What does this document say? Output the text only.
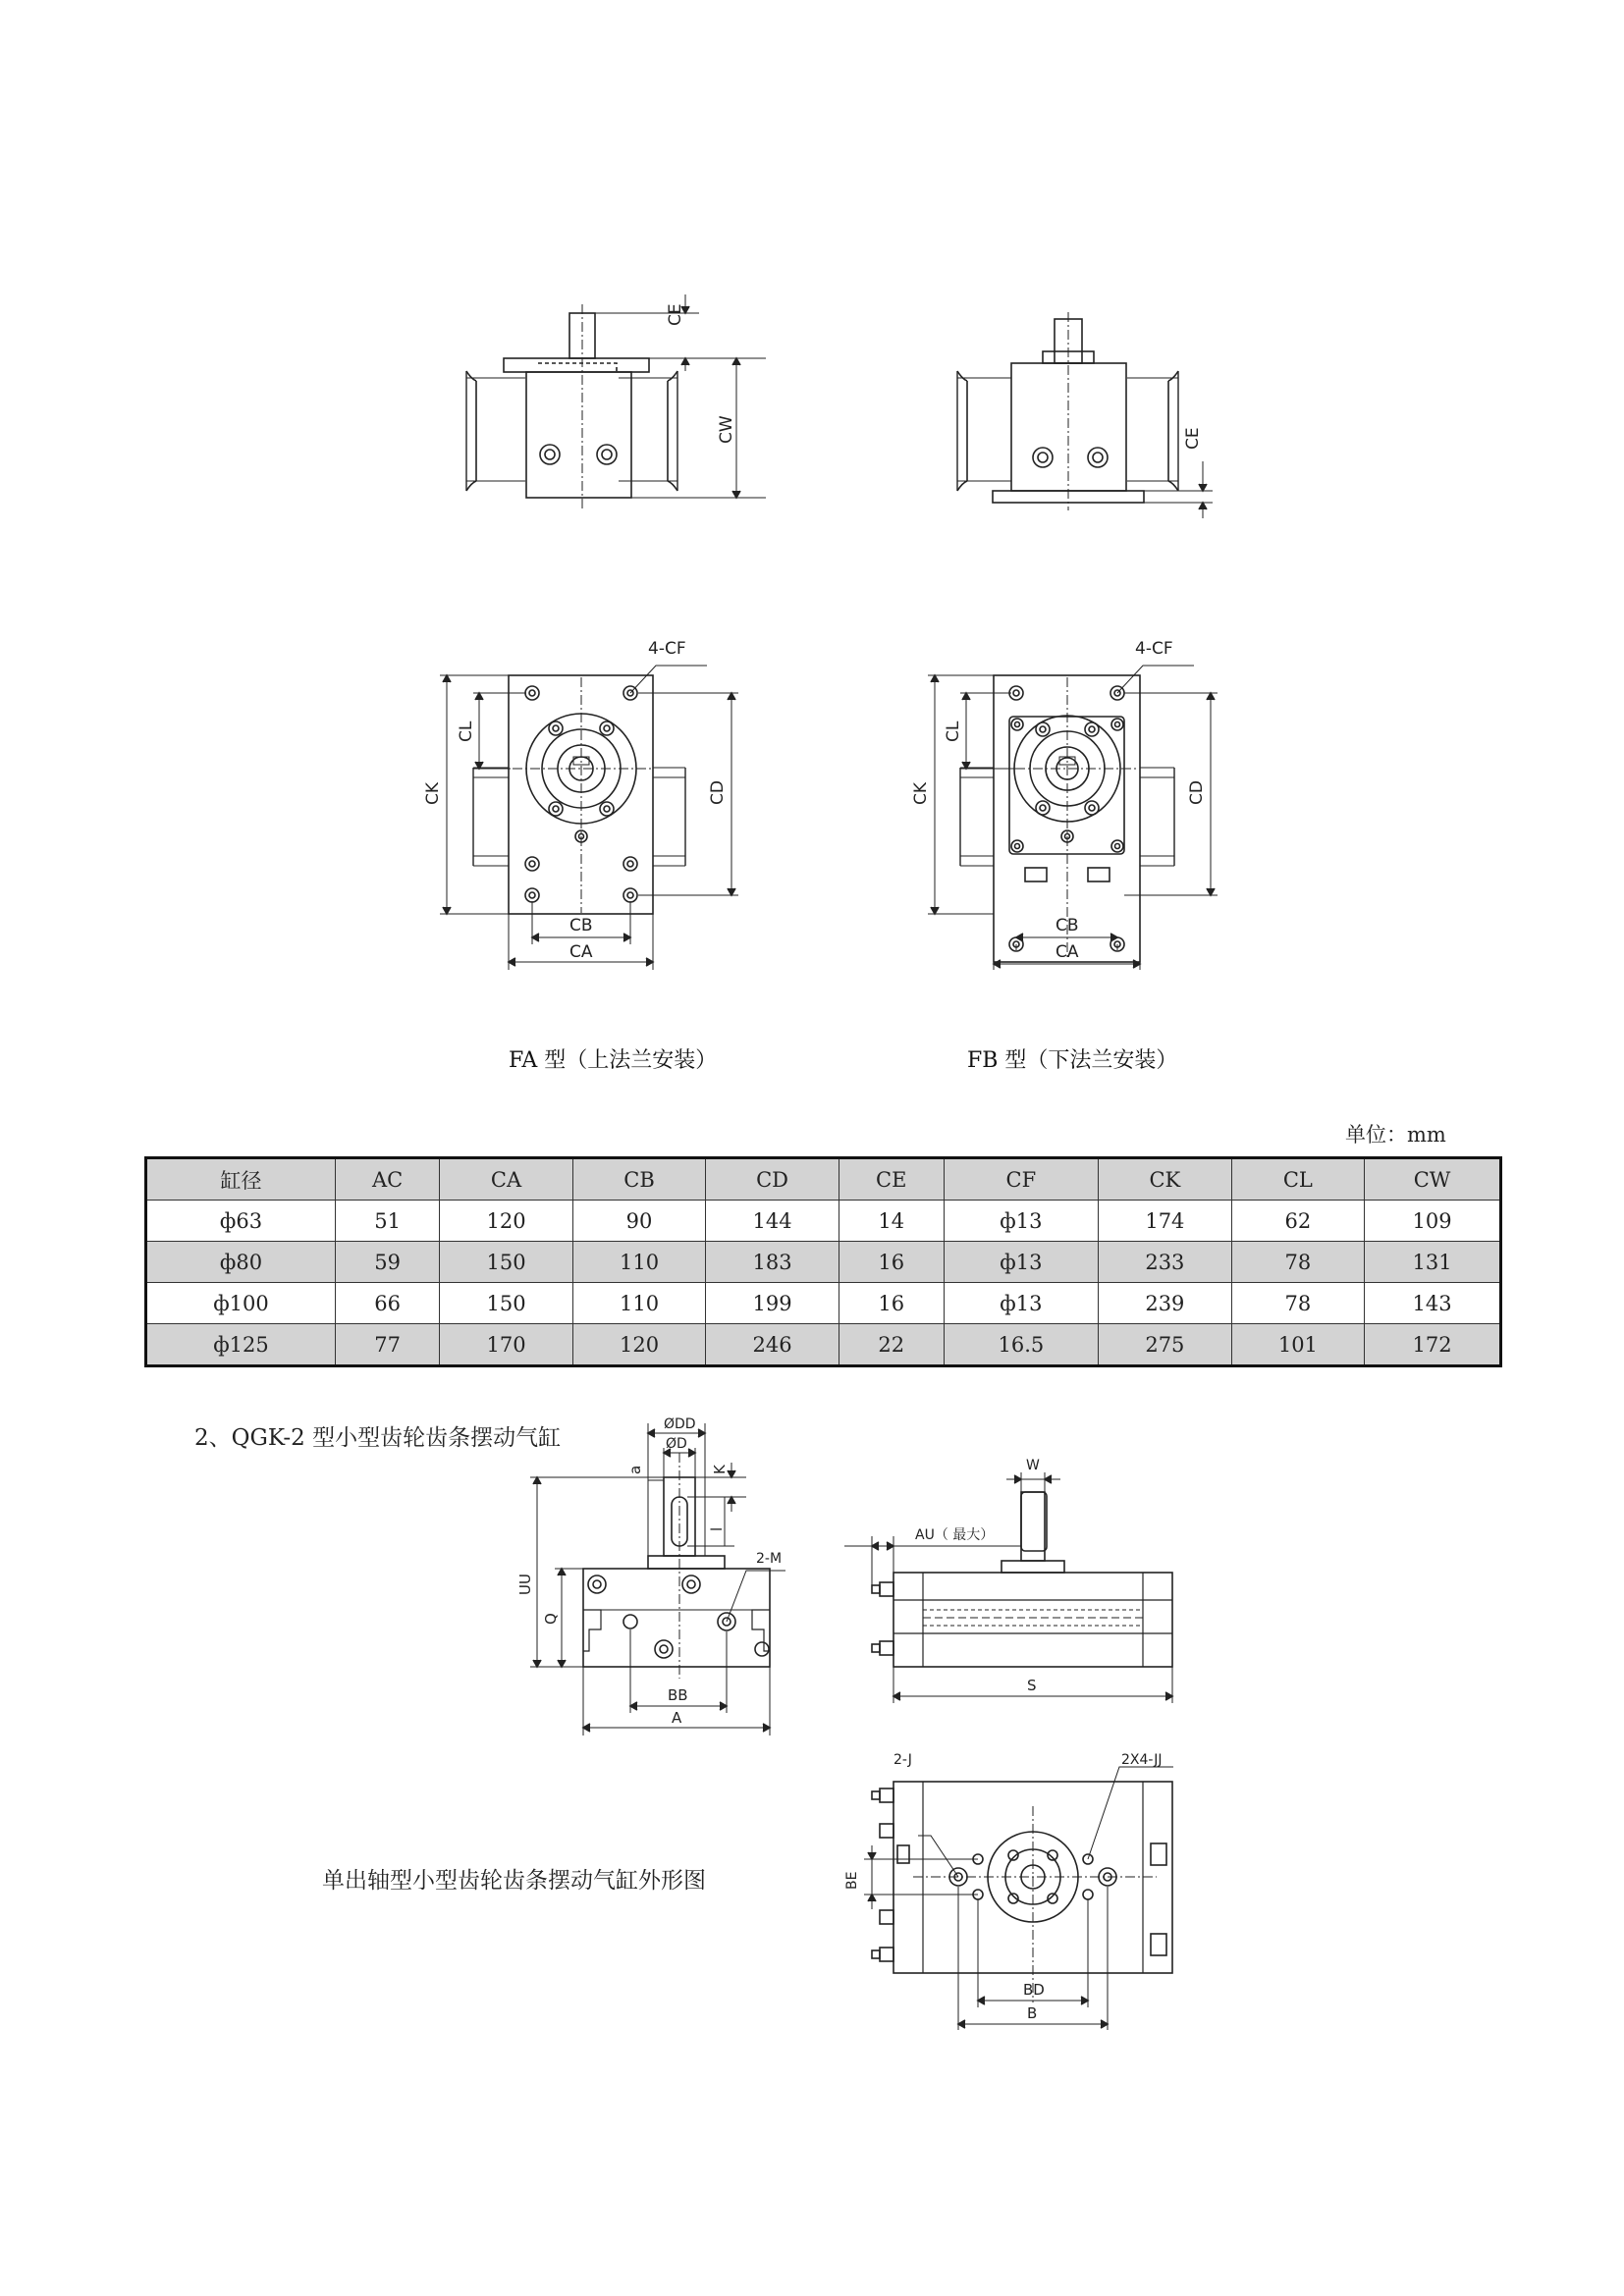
CE
CW	CE
4-CF
CK
CL
CD
CB
CA
4-CF
CK
CL
CD
CB
CA
ØDD
ØD
a	K
l
2-M
UU
Q
BB
A
W
AU（ 最大）
S
2-J	2X4-JJ
BE
BD
B
FA 型（上法兰安装）	FB 型（下法兰安装）
单位：mm
缸径	AC	CA	CB	CD	CE	CF	CK	CL	CW
ф63	51	120	90	144	14	ф13	174	62	109
ф80	59	150	110	183	16	ф13	233	78	131
ф100	66	150	110	199	16	ф13	239	78	143
ф125	77	170	120	246	22	16.5	275	101	172
2、QGK-2 型小型齿轮齿条摆动气缸
单出轴型小型齿轮齿条摆动气缸外形图
